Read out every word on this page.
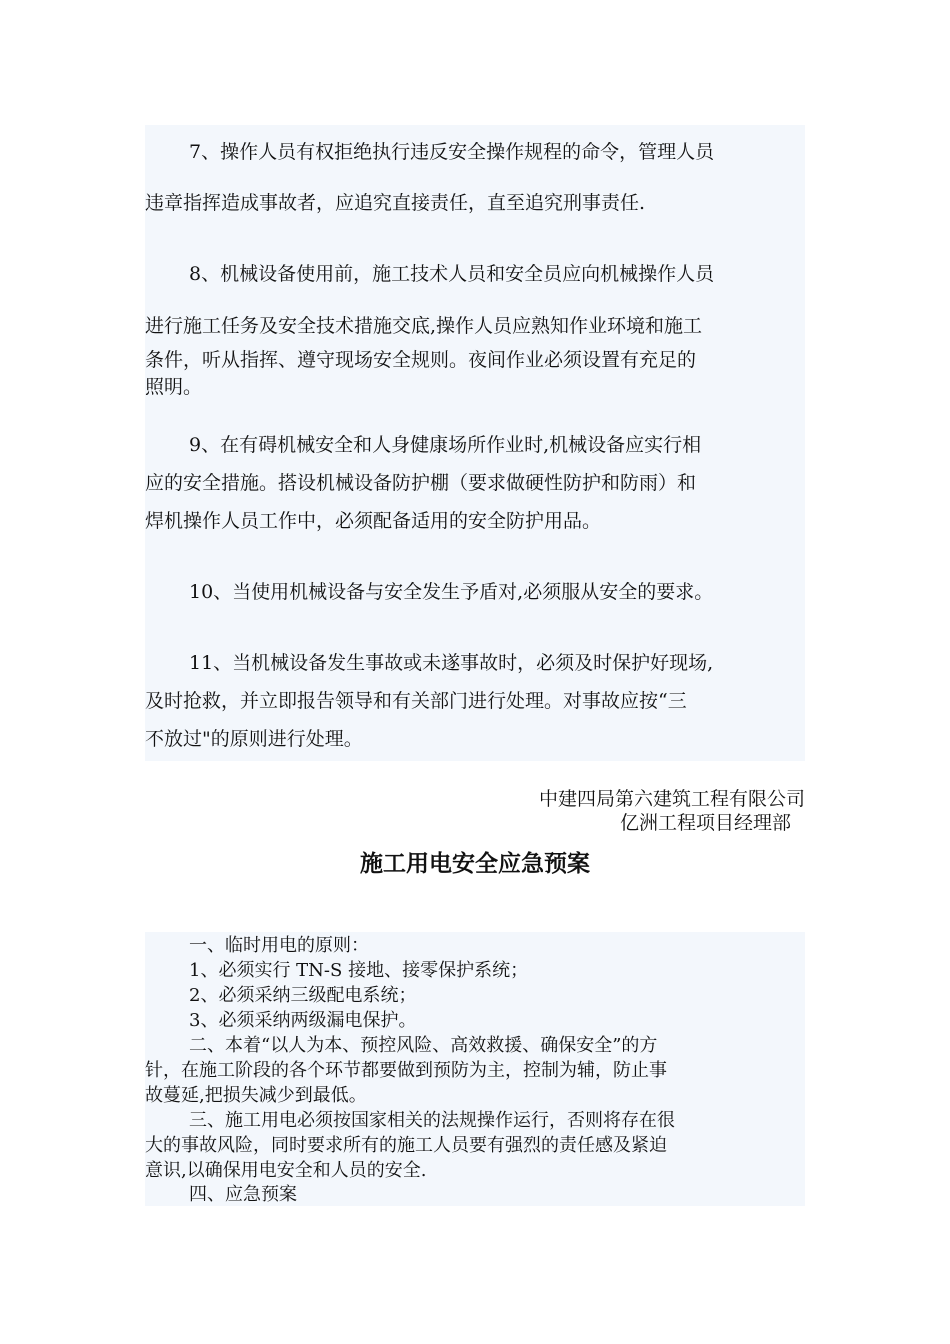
7、操作人员有权拒绝执行违反安全操作规程的命令，管理人员
违章指挥造成事故者，应追究直接责任，直至追究刑事责任.
8、机械设备使用前，施工技术人员和安全员应向机械操作人员
进行施工任务及安全技术措施交底,操作人员应熟知作业环境和施工
条件，听从指挥、遵守现场安全规则。夜间作业必须设置有充足的
照明。
9、在有碍机械安全和人身健康场所作业时,机械设备应实行相
应的安全措施。搭设机械设备防护棚（要求做硬性防护和防雨）和
焊机操作人员工作中，必须配备适用的安全防护用品。
10、当使用机械设备与安全发生予盾对,必须服从安全的要求。
11、当机械设备发生事故或未遂事故时，必须及时保护好现场,
及时抢救，并立即报告领导和有关部门进行处理。对事故应按“三
不放过"的原则进行处理。
中建四局第六建筑工程有限公司
亿洲工程项目经理部
施工用电安全应急预案
一、临时用电的原则：
1、必须实行 TN-S 接地、接零保护系统；
2、必须采纳三级配电系统；
3、必须采纳两级漏电保护。
二、本着“以人为本、预控风险、高效救援、确保安全”的方
针，在施工阶段的各个环节都要做到预防为主，控制为辅，防止事
故蔓延,把损失减少到最低。
三、施工用电必须按国家相关的法规操作运行，否则将存在很
大的事故风险，同时要求所有的施工人员要有强烈的责任感及紧迫
意识,以确保用电安全和人员的安全.
四、应急预案
